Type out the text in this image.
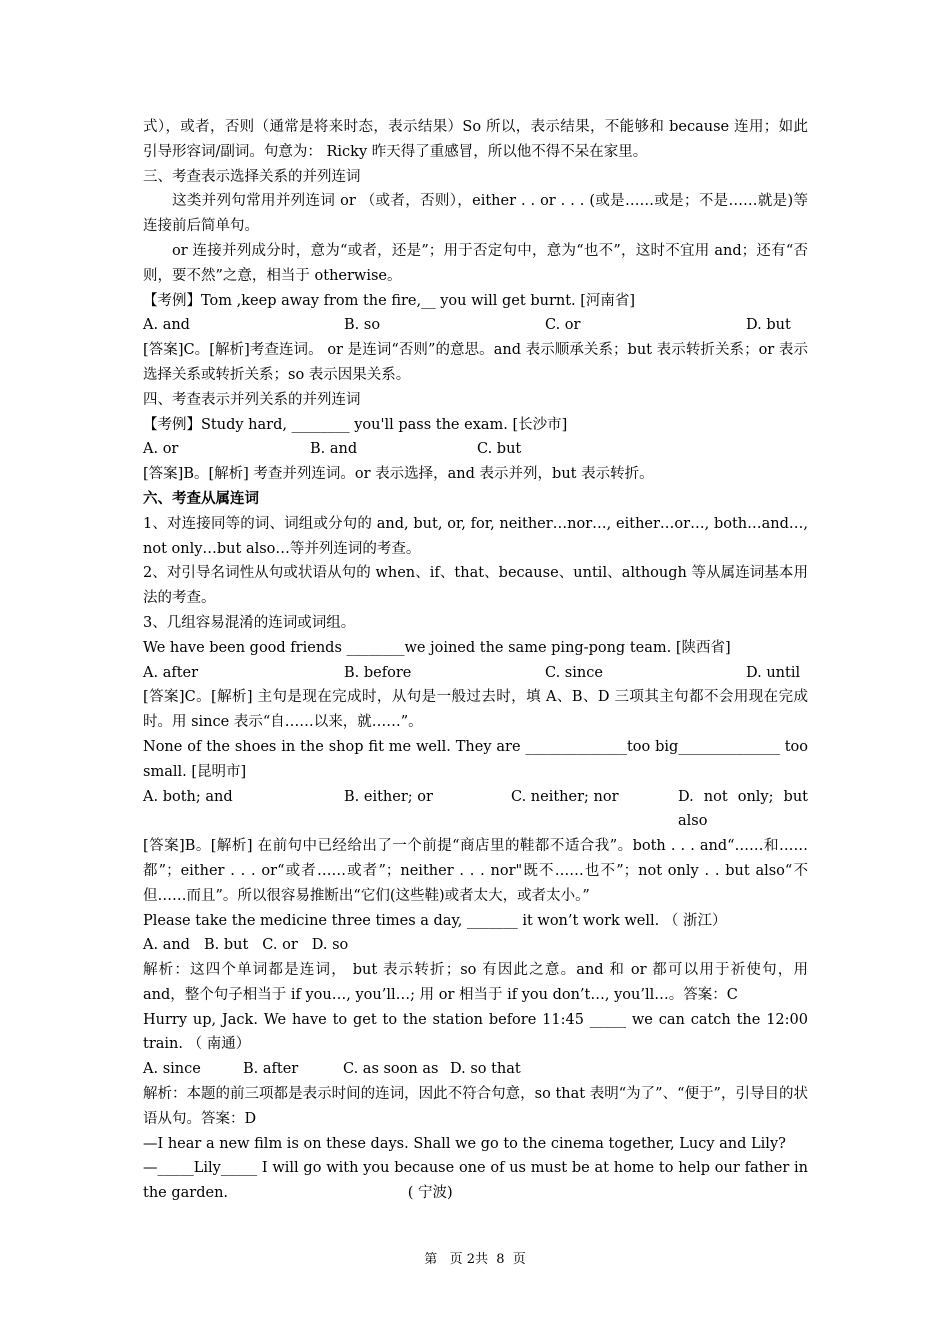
式），或者，否则（通常是将来时态，表示结果）So 所以，表示结果，不能够和 because 连用；如此引导形容词/副词。句意为： Ricky 昨天得了重感冒，所以他不得不呆在家里。

三、考查表示选择关系的并列连词

这类并列句常用并列连词 or （或者，否则），either . . or . . . (或是……或是；不是……就是)等连接前后简单句。

or 连接并列成分时，意为“或者，还是”；用于否定句中，意为“也不”，这时不宜用 and；还有“否则，要不然”之意，相当于 otherwise。

【考例】Tom ,keep away from the fire,__ you will get burnt. [河南省]

A. and	B. so	C. or	D. but

[答案]C。[解析]考查连词。 or 是连词“否则”的意思。and 表示顺承关系；but 表示转折关系；or 表示选择关系或转折关系；so 表示因果关系。

四、考查表示并列关系的并列连词

【考例】Study hard, ________ you'll pass the exam. [长沙市]

A. or	B. and	C. but

[答案]B。[解析] 考查并列连词。or 表示选择，and 表示并列，but 表示转折。

六、考查从属连词

1、对连接同等的词、词组或分句的 and, but, or, for, neither…nor…, either…or…, both…and…, not only…but also…等并列连词的考查。

2、对引导名词性从句或状语从句的 when、if、that、because、until、although 等从属连词基本用法的考查。

3、几组容易混淆的连词或词组。

We have been good friends ________we joined the same ping-pong team. [陕西省]

A. after	B. before	C. since	D. until

[答案]C。[解析] 主句是现在完成时，从句是一般过去时，填 A、B、D 三项其主句都不会用现在完成时。用 since 表示“自……以来，就……”。

None of the shoes in the shop fit me well. They are ______________too big______________ too small. [昆明市]

A. both; and	B. either; or	C. neither; nor	D. not only; but also

[答案]B。[解析] 在前句中已经给出了一个前提“商店里的鞋都不适合我”。both . . . and“……和……都”；either . . . or“或者……或者”；neither . . . nor"既不……也不”；not only . . but also“不但……而且”。所以很容易推断出“它们(这些鞋)或者太大，或者太小。”

Please take the medicine three times a day, _______ it won’t work well. （ 浙江）

A. and B. but C. or D. so

解析：这四个单词都是连词， but 表示转折；so 有因此之意。and 和 or 都可以用于祈使句，用 and，整个句子相当于 if you…, you’ll…; 用 or 相当于 if you don’t…, you’ll…。答案：C

Hurry up, Jack. We have to get to the station before 11:45 _____ we can catch the 12:00 train. （ 南通）

A. since	B. after	C. as soon as D. so that

解析：本题的前三项都是表示时间的连词，因此不符合句意，so that 表明“为了”、“便于”，引导目的状语从句。答案：D

—I hear a new film is on these days. Shall we go to the cinema together, Lucy and Lily?

—_____Lily_____ I will go with you because one of us must be at home to help our father in the garden.                                       ( 宁波)

第   页 2共  8  页
